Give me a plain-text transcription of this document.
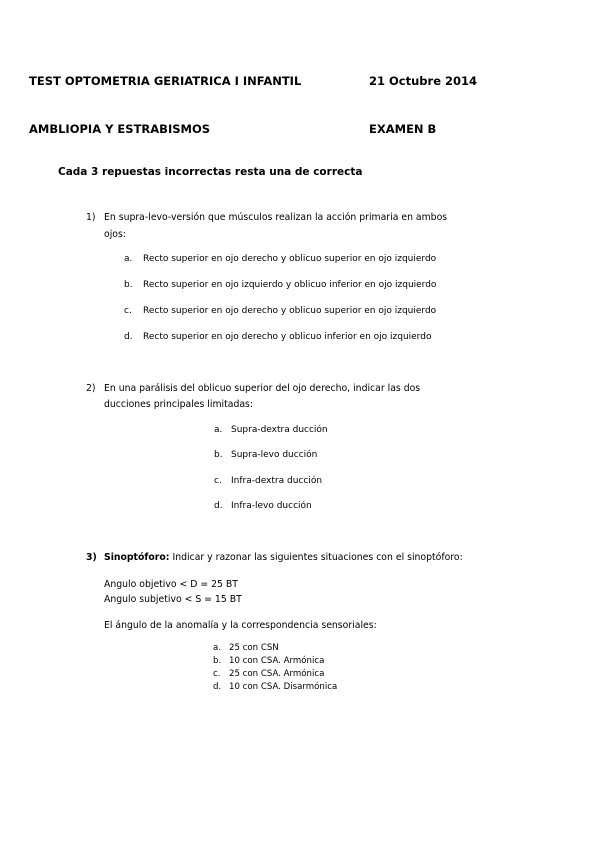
TEST OPTOMETRIA GERIATRICA I INFANTIL	21 Octubre 2014
AMBLIOPIA Y ESTRABISMOS	EXAMEN B
Cada 3 repuestas incorrectas resta una de correcta
1) En supra-levo-versión que músculos realizan la acción primaria en ambos
ojos:
a. Recto superior en ojo derecho y oblicuo superior en ojo izquierdo
b. Recto superior en ojo izquierdo y oblicuo inferior en ojo izquierdo
c. Recto superior en ojo derecho y oblicuo superior en ojo izquierdo
d. Recto superior en ojo derecho y oblicuo inferior en ojo izquierdo
2) En una parálisis del oblicuo superior del ojo derecho, indicar las dos
ducciones principales limitadas:
a. Supra-dextra ducción
b. Supra-levo ducción
c. Infra-dextra ducción
d. Infra-levo ducción
3) Sinoptóforo: Indicar y razonar las siguientes situaciones con el sinoptóforo:
Angulo objetivo < D = 25 BT
Angulo subjetivo < S = 15 BT
El ángulo de la anomalía y la correspondencia sensoriales:
a. 25 con CSN
b. 10 con CSA. Armónica
c. 25 con CSA. Armónica
d. 10 con CSA. Disarmónica
